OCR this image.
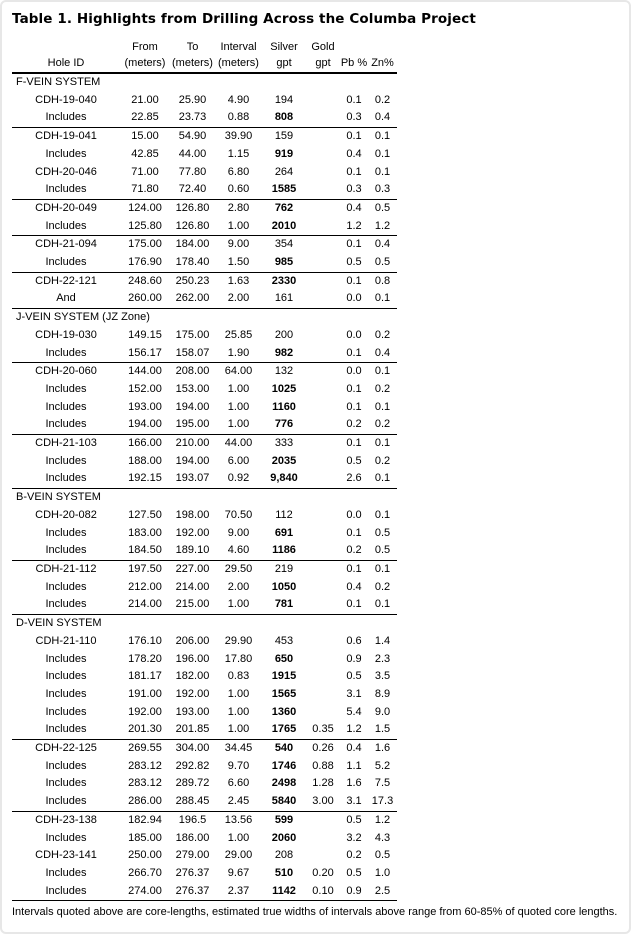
Table 1. Highlights from Drilling Across the Columba Project
	From	To	Interval	Silver	Gold		
Hole ID	(meters)	(meters)	(meters)	gpt	gpt	Pb %	Zn%
F-VEIN SYSTEM							
CDH-19-040	21.00	25.90	4.90	194		0.1	0.2
Includes	22.85	23.73	0.88	808		0.3	0.4
CDH-19-041	15.00	54.90	39.90	159		0.1	0.1
Includes	42.85	44.00	1.15	919		0.4	0.1
CDH-20-046	71.00	77.80	6.80	264		0.1	0.1
Includes	71.80	72.40	0.60	1585		0.3	0.3
CDH-20-049	124.00	126.80	2.80	762		0.4	0.5
Includes	125.80	126.80	1.00	2010		1.2	1.2
CDH-21-094	175.00	184.00	9.00	354		0.1	0.4
Includes	176.90	178.40	1.50	985		0.5	0.5
CDH-22-121	248.60	250.23	1.63	2330		0.1	0.8
And	260.00	262.00	2.00	161		0.0	0.1
J-VEIN SYSTEM (JZ Zone)							
CDH-19-030	149.15	175.00	25.85	200		0.0	0.2
Includes	156.17	158.07	1.90	982		0.1	0.4
CDH-20-060	144.00	208.00	64.00	132		0.0	0.1
Includes	152.00	153.00	1.00	1025		0.1	0.2
Includes	193.00	194.00	1.00	1160		0.1	0.1
Includes	194.00	195.00	1.00	776		0.2	0.2
CDH-21-103	166.00	210.00	44.00	333		0.1	0.1
Includes	188.00	194.00	6.00	2035		0.5	0.2
Includes	192.15	193.07	0.92	9,840		2.6	0.1
B-VEIN SYSTEM							
CDH-20-082	127.50	198.00	70.50	112		0.0	0.1
Includes	183.00	192.00	9.00	691		0.1	0.5
Includes	184.50	189.10	4.60	1186		0.2	0.5
CDH-21-112	197.50	227.00	29.50	219		0.1	0.1
Includes	212.00	214.00	2.00	1050		0.4	0.2
Includes	214.00	215.00	1.00	781		0.1	0.1
D-VEIN SYSTEM							
CDH-21-110	176.10	206.00	29.90	453		0.6	1.4
Includes	178.20	196.00	17.80	650		0.9	2.3
Includes	181.17	182.00	0.83	1915		0.5	3.5
Includes	191.00	192.00	1.00	1565		3.1	8.9
Includes	192.00	193.00	1.00	1360		5.4	9.0
Includes	201.30	201.85	1.00	1765	0.35	1.2	1.5
CDH-22-125	269.55	304.00	34.45	540	0.26	0.4	1.6
Includes	283.12	292.82	9.70	1746	0.88	1.1	5.2
Includes	283.12	289.72	6.60	2498	1.28	1.6	7.5
Includes	286.00	288.45	2.45	5840	3.00	3.1	17.3
CDH-23-138	182.94	196.5	13.56	599		0.5	1.2
Includes	185.00	186.00	1.00	2060		3.2	4.3
CDH-23-141	250.00	279.00	29.00	208		0.2	0.5
Includes	266.70	276.37	9.67	510	0.20	0.5	1.0
Includes	274.00	276.37	2.37	1142	0.10	0.9	2.5
Intervals quoted above are core-lengths, estimated true widths of intervals above range from 60-85% of quoted core lengths.
